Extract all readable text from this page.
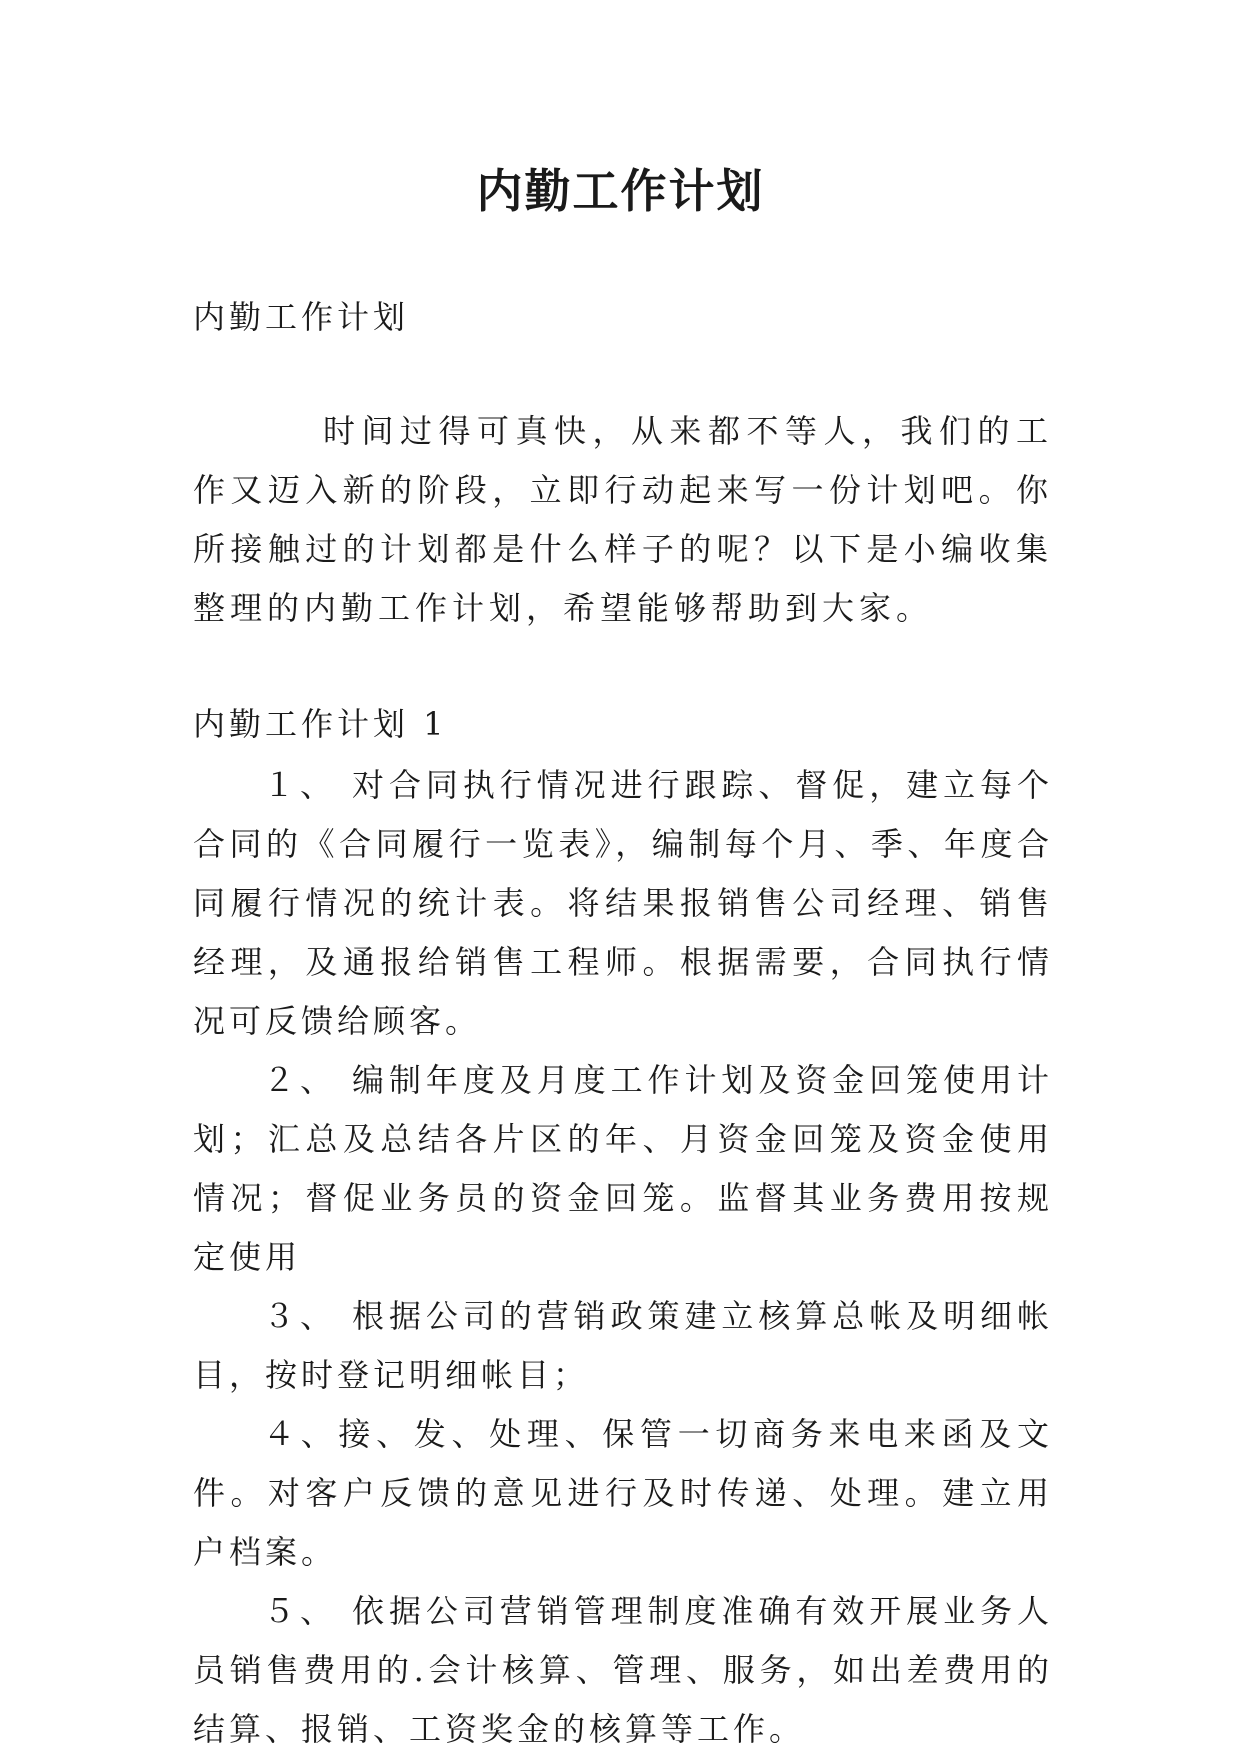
内勤工作计划

内勤工作计划

时间过得可真快，从来都不等人，我们的工作又迈入新的阶段，立即行动起来写一份计划吧。你所接触过的计划都是什么样子的呢？以下是小编收集整理的内勤工作计划，希望能够帮助到大家。

内勤工作计划 1

１、 对合同执行情况进行跟踪、督促，建立每个合同的《合同履行一览表》，编制每个月、季、年度合同履行情况的统计表。将结果报销售公司经理、销售经理，及通报给销售工程师。根据需要，合同执行情况可反馈给顾客。
２、 编制年度及月度工作计划及资金回笼使用计划；汇总及总结各片区的年、月资金回笼及资金使用情况；督促业务员的资金回笼。监督其业务费用按规定使用
３、 根据公司的营销政策建立核算总帐及明细帐目，按时登记明细帐目；
４、接、发、处理、保管一切商务来电来函及文件。对客户反馈的意见进行及时传递、处理。建立用户档案。
５、 依据公司营销管理制度准确有效开展业务人员销售费用的.会计核算、管理、服务，如出差费用的结算、报销、工资奖金的核算等工作。
